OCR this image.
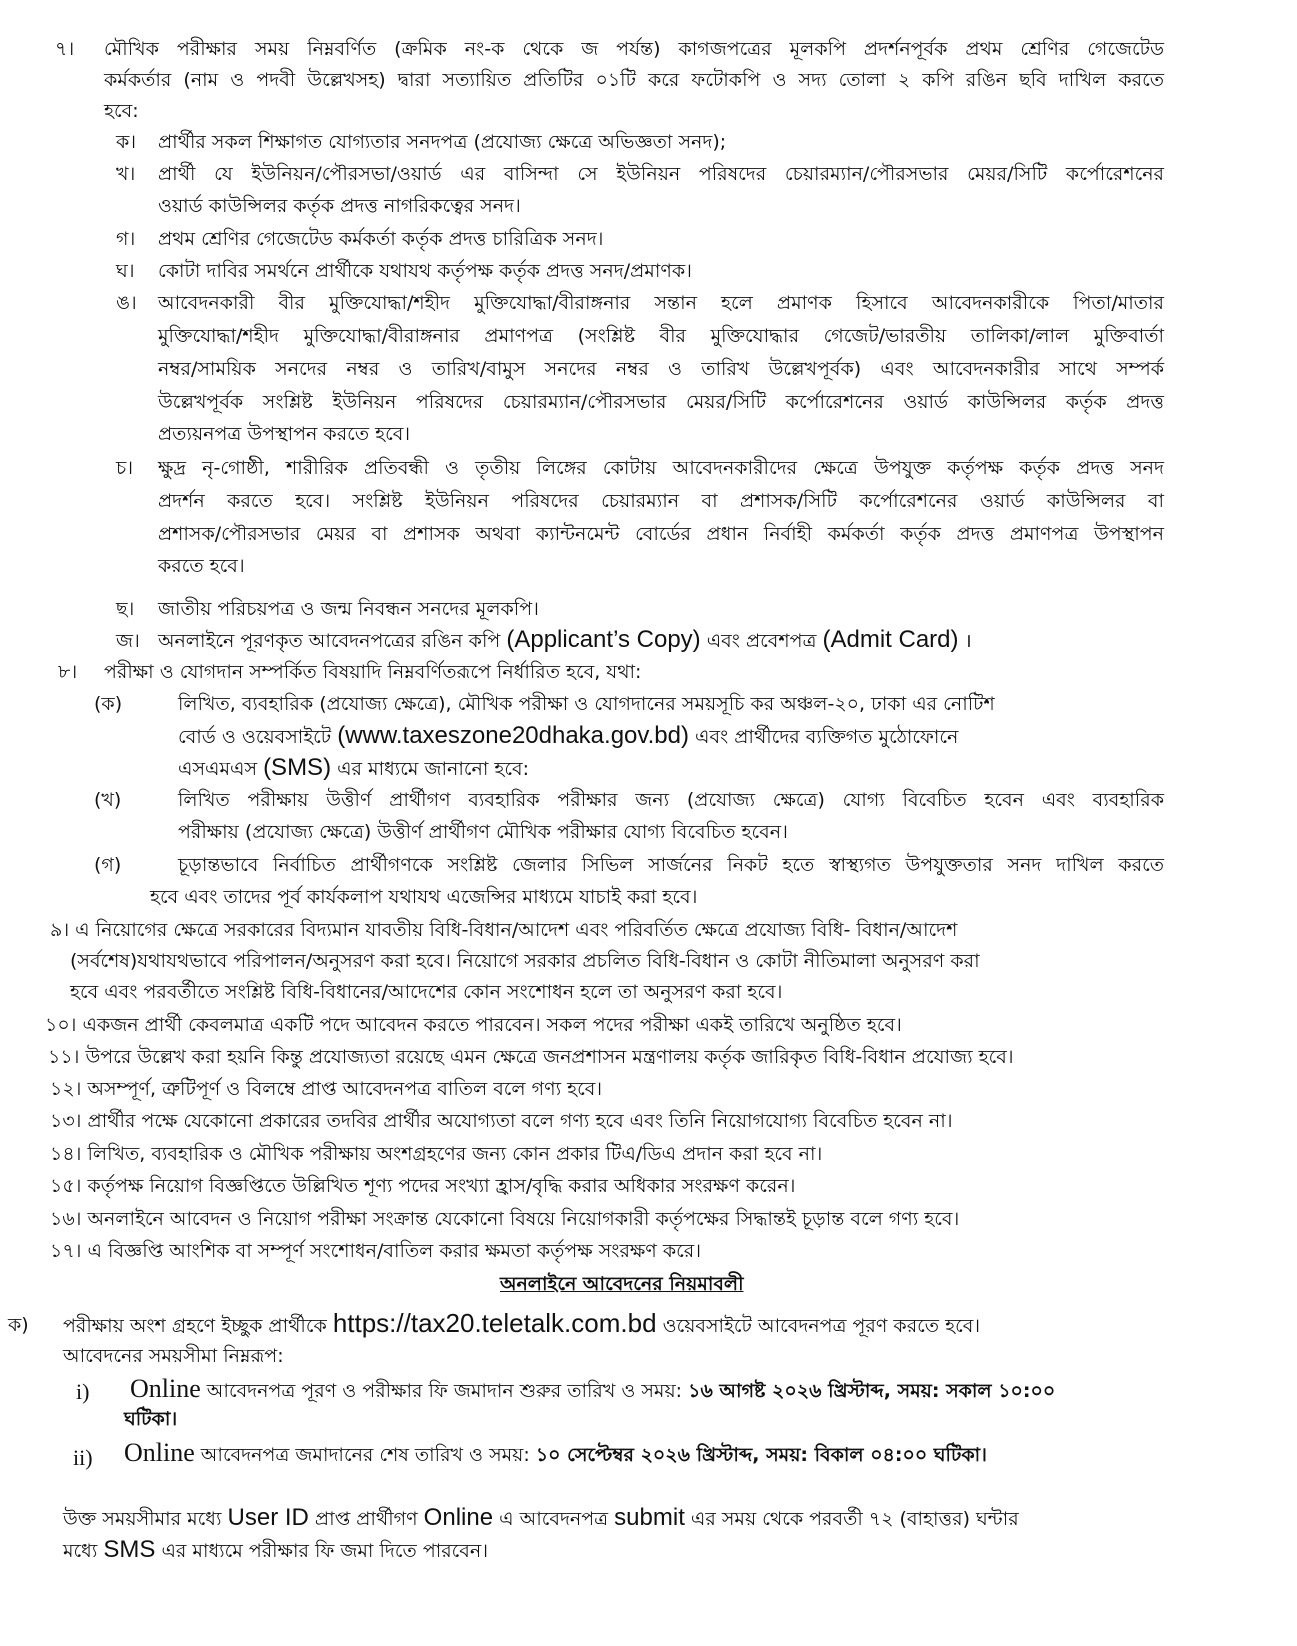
৭। মৌখিক পরীক্ষার সময় নিম্নবর্ণিত (ক্রমিক নং-ক থেকে জ পর্যন্ত) কাগজপত্রের মূলকপি প্রদর্শনপূর্বক প্রথম শ্রেণির গেজেটেড
কর্মকর্তার (নাম ও পদবী উল্লেখসহ) দ্বারা সত্যায়িত প্রতিটির ০১টি করে ফটোকপি ও সদ্য তোলা ২ কপি রঙিন ছবি দাখিল করতে
হবে:
ক। প্রার্থীর সকল শিক্ষাগত যোগ্যতার সনদপত্র (প্রযোজ্য ক্ষেত্রে অভিজ্ঞতা সনদ);
খ। প্রার্থী যে ইউনিয়ন/পৌরসভা/ওয়ার্ড এর বাসিন্দা সে ইউনিয়ন পরিষদের চেয়ারম্যান/পৌরসভার মেয়র/সিটি কর্পোরেশনের
ওয়ার্ড কাউন্সিলর কর্তৃক প্রদত্ত নাগরিকত্বের সনদ।
গ। প্রথম শ্রেণির গেজেটেড কর্মকর্তা কর্তৃক প্রদত্ত চারিত্রিক সনদ।
ঘ। কোটা দাবির সমর্থনে প্রার্থীকে যথাযথ কর্তৃপক্ষ কর্তৃক প্রদত্ত সনদ/প্রমাণক।
ঙ। আবেদনকারী বীর মুক্তিযোদ্ধা/শহীদ মুক্তিযোদ্ধা/বীরাঙ্গনার সন্তান হলে প্রমাণক হিসাবে আবেদনকারীকে পিতা/মাতার
মুক্তিযোদ্ধা/শহীদ মুক্তিযোদ্ধা/বীরাঙ্গনার প্রমাণপত্র (সংশ্লিষ্ট বীর মুক্তিযোদ্ধার গেজেট/ভারতীয় তালিকা/লাল মুক্তিবার্তা
নম্বর/সাময়িক সনদের নম্বর ও তারিখ/বামুস সনদের নম্বর ও তারিখ উল্লেখপূর্বক) এবং আবেদনকারীর সাথে সম্পর্ক
উল্লেখপূর্বক সংশ্লিষ্ট ইউনিয়ন পরিষদের চেয়ারম্যান/পৌরসভার মেয়র/সিটি কর্পোরেশনের ওয়ার্ড কাউন্সিলর কর্তৃক প্রদত্ত
প্রত্যয়নপত্র উপস্থাপন করতে হবে।
চ। ক্ষুদ্র নৃ-গোষ্ঠী, শারীরিক প্রতিবন্ধী ও তৃতীয় লিঙ্গের কোটায় আবেদনকারীদের ক্ষেত্রে উপযুক্ত কর্তৃপক্ষ কর্তৃক প্রদত্ত সনদ
প্রদর্শন করতে হবে। সংশ্লিষ্ট ইউনিয়ন পরিষদের চেয়ারম্যান বা প্রশাসক/সিটি কর্পোরেশনের ওয়ার্ড কাউন্সিলর বা
প্রশাসক/পৌরসভার মেয়র বা প্রশাসক অথবা ক্যান্টনমেন্ট বোর্ডের প্রধান নির্বাহী কর্মকর্তা কর্তৃক প্রদত্ত প্রমাণপত্র উপস্থাপন
করতে হবে।
ছ। জাতীয় পরিচয়পত্র ও জন্ম নিবন্ধন সনদের মূলকপি।
জ। অনলাইনে পূরণকৃত আবেদনপত্রের রঙিন কপি (Applicant’s Copy) এবং প্রবেশপত্র (Admit Card) ।
৮। পরীক্ষা ও যোগদান সম্পর্কিত বিষয়াদি নিম্নবর্ণিতরূপে নির্ধারিত হবে, যথা:
(ক)	লিখিত, ব্যবহারিক (প্রযোজ্য ক্ষেত্রে), মৌখিক পরীক্ষা ও যোগদানের সময়সূচি কর অঞ্চল-২০, ঢাকা এর নোটিশ
বোর্ড ও ওয়েবসাইটে (www.taxeszone20dhaka.gov.bd) এবং প্রার্থীদের ব্যক্তিগত মুঠোফোনে
এসএমএস (SMS) এর মাধ্যমে জানানো হবে:
(খ)	লিখিত পরীক্ষায় উত্তীর্ণ প্রার্থীগণ ব্যবহারিক পরীক্ষার জন্য (প্রযোজ্য ক্ষেত্রে) যোগ্য বিবেচিত হবেন এবং ব্যবহারিক
পরীক্ষায় (প্রযোজ্য ক্ষেত্রে) উত্তীর্ণ প্রার্থীগণ মৌখিক পরীক্ষার যোগ্য বিবেচিত হবেন।
(গ)	চূড়ান্তভাবে নির্বাচিত প্রার্থীগণকে সংশ্লিষ্ট জেলার সিভিল সার্জনের নিকট হতে স্বাস্থ্যগত উপযুক্ততার সনদ দাখিল করতে
হবে এবং তাদের পূর্ব কার্যকলাপ যথাযথ এজেন্সির মাধ্যমে যাচাই করা হবে।
৯। এ নিয়োগের ক্ষেত্রে সরকারের বিদ্যমান যাবতীয় বিধি-বিধান/আদেশ এবং পরিবর্তিত ক্ষেত্রে প্রযোজ্য বিধি- বিধান/আদেশ
(সর্বশেষ)যথাযথভাবে পরিপালন/অনুসরণ করা হবে। নিয়োগে সরকার প্রচলিত বিধি-বিধান ও কোটা নীতিমালা অনুসরণ করা
হবে এবং পরবর্তীতে সংশ্লিষ্ট বিধি-বিধানের/আদেশের কোন সংশোধন হলে তা অনুসরণ করা হবে।
১০। একজন প্রার্থী কেবলমাত্র একটি পদে আবেদন করতে পারবেন। সকল পদের পরীক্ষা একই তারিখে অনুষ্ঠিত হবে।
১১। উপরে উল্লেখ করা হয়নি কিন্তু প্রযোজ্যতা রয়েছে এমন ক্ষেত্রে জনপ্রশাসন মন্ত্রণালয় কর্তৃক জারিকৃত বিধি-বিধান প্রযোজ্য হবে।
১২। অসম্পূর্ণ, ত্রুটিপূর্ণ ও বিলম্বে প্রাপ্ত আবেদনপত্র বাতিল বলে গণ্য হবে।
১৩। প্রার্থীর পক্ষে যেকোনো প্রকারের তদবির প্রার্থীর অযোগ্যতা বলে গণ্য হবে এবং তিনি নিয়োগযোগ্য বিবেচিত হবেন না।
১৪। লিখিত, ব্যবহারিক ও মৌখিক পরীক্ষায় অংশগ্রহণের জন্য কোন প্রকার টিএ/ডিএ প্রদান করা হবে না।
১৫। কর্তৃপক্ষ নিয়োগ বিজ্ঞপ্তিতে উল্লিখিত শূণ্য পদের সংখ্যা হ্রাস/বৃদ্ধি করার অধিকার সংরক্ষণ করেন।
১৬। অনলাইনে আবেদন ও নিয়োগ পরীক্ষা সংক্রান্ত যেকোনো বিষয়ে নিয়োগকারী কর্তৃপক্ষের সিদ্ধান্তই চূড়ান্ত বলে গণ্য হবে।
১৭। এ বিজ্ঞপ্তি আংশিক বা সম্পূর্ণ সংশোধন/বাতিল করার ক্ষমতা কর্তৃপক্ষ সংরক্ষণ করে।
অনলাইনে আবেদনের নিয়মাবলী
ক) পরীক্ষায় অংশ গ্রহণে ইচ্ছুক প্রার্থীকে https://tax20.teletalk.com.bd ওয়েবসাইটে আবেদনপত্র পূরণ করতে হবে।
আবেদনের সময়সীমা নিম্নরূপ:
i) Online আবেদনপত্র পূরণ ও পরীক্ষার ফি জমাদান শুরুর তারিখ ও সময়: ১৬ আগষ্ট ২০২৬ খ্রিস্টাব্দ, সময়: সকাল ১০:০০
ঘটিকা।
ii) Online আবেদনপত্র জমাদানের শেষ তারিখ ও সময়: ১০ সেপ্টেম্বর ২০২৬ খ্রিস্টাব্দ, সময়: বিকাল ০৪:০০ ঘটিকা।
উক্ত সময়সীমার মধ্যে User ID প্রাপ্ত প্রার্থীগণ Online এ আবেদনপত্র submit এর সময় থেকে পরবর্তী ৭২ (বাহাত্তর) ঘন্টার
মধ্যে SMS এর মাধ্যমে পরীক্ষার ফি জমা দিতে পারবেন।
